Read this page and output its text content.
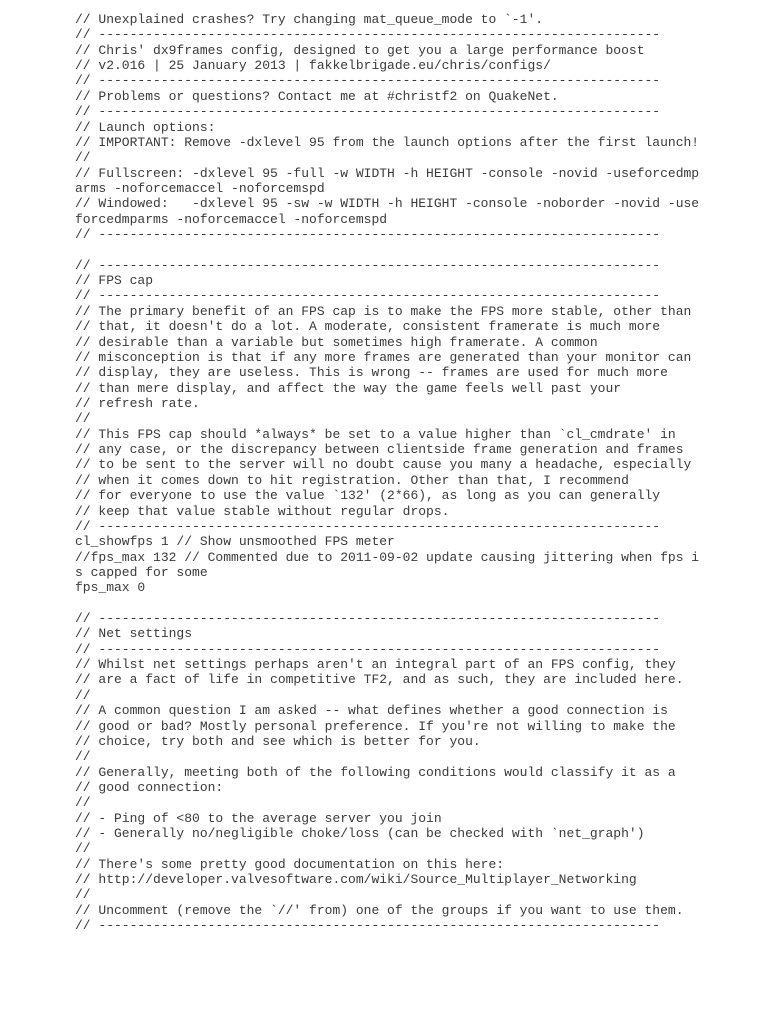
// Unexplained crashes? Try changing mat_queue_mode to `-1'.
// ------------------------------------------------------------------------
// Chris' dx9frames config, designed to get you a large performance boost
// v2.016 | 25 January 2013 | fakkelbrigade.eu/chris/configs/
// ------------------------------------------------------------------------
// Problems or questions? Contact me at #christf2 on QuakeNet.
// ------------------------------------------------------------------------
// Launch options:
// IMPORTANT: Remove -dxlevel 95 from the launch options after the first launch!
//
// Fullscreen: -dxlevel 95 -full -w WIDTH -h HEIGHT -console -novid -useforcedmp
arms -noforcemaccel -noforcemspd
// Windowed:   -dxlevel 95 -sw -w WIDTH -h HEIGHT -console -noborder -novid -use
forcedmparms -noforcemaccel -noforcemspd
// ------------------------------------------------------------------------
// ------------------------------------------------------------------------
// FPS cap
// ------------------------------------------------------------------------
// The primary benefit of an FPS cap is to make the FPS more stable, other than
// that, it doesn't do a lot. A moderate, consistent framerate is much more
// desirable than a variable but sometimes high framerate. A common
// misconception is that if any more frames are generated than your monitor can
// display, they are useless. This is wrong -- frames are used for much more
// than mere display, and affect the way the game feels well past your
// refresh rate.
//
// This FPS cap should *always* be set to a value higher than `cl_cmdrate' in
// any case, or the discrepancy between clientside frame generation and frames
// to be sent to the server will no doubt cause you many a headache, especially
// when it comes down to hit registration. Other than that, I recommend
// for everyone to use the value `132' (2*66), as long as you can generally
// keep that value stable without regular drops.
// ------------------------------------------------------------------------
cl_showfps 1 // Show unsmoothed FPS meter
//fps_max 132 // Commented due to 2011-09-02 update causing jittering when fps i
s capped for some
fps_max 0
// ------------------------------------------------------------------------
// Net settings
// ------------------------------------------------------------------------
// Whilst net settings perhaps aren't an integral part of an FPS config, they
// are a fact of life in competitive TF2, and as such, they are included here.
//
// A common question I am asked -- what defines whether a good connection is
// good or bad? Mostly personal preference. If you're not willing to make the
// choice, try both and see which is better for you.
//
// Generally, meeting both of the following conditions would classify it as a
// good connection:
//
// - Ping of <80 to the average server you join
// - Generally no/negligible choke/loss (can be checked with `net_graph')
//
// There's some pretty good documentation on this here:
// http://developer.valvesoftware.com/wiki/Source_Multiplayer_Networking
//
// Uncomment (remove the `//' from) one of the groups if you want to use them.
// ------------------------------------------------------------------------
